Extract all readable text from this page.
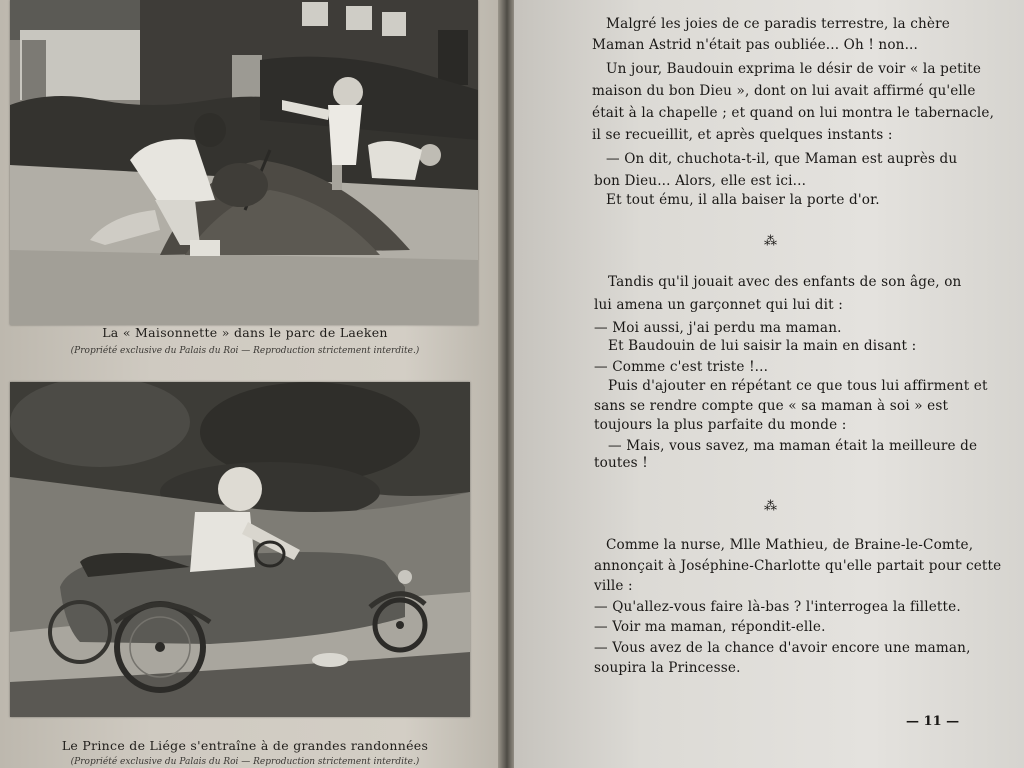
La « Maisonnette » dans le parc de Laeken
(Propriété exclusive du Palais du Roi — Reproduction strictement interdite.)
Le Prince de Liége s'entraîne à de grandes randonnées
(Propriété exclusive du Palais du Roi — Reproduction strictement interdite.)
Malgré les joies de ce paradis terrestre, la chère
Maman Astrid n'était pas oubliée... Oh ! non...
Un jour, Baudouin exprima le désir de voir « la petite
maison du bon Dieu », dont on lui avait affirmé qu'elle
était à la chapelle ; et quand on lui montra le tabernacle,
il se recueillit, et après quelques instants :
— On dit, chuchota-t-il, que Maman est auprès du
bon Dieu... Alors, elle est ici...
Et tout ému, il alla baiser la porte d'or.
⁂
Tandis qu'il jouait avec des enfants de son âge, on
lui amena un garçonnet qui lui dit :
— Moi aussi, j'ai perdu ma maman.
Et Baudouin de lui saisir la main en disant :
— Comme c'est triste !...
Puis d'ajouter en répétant ce que tous lui affirment et
sans se rendre compte que « sa maman à soi » est
toujours la plus parfaite du monde :
— Mais, vous savez, ma maman était la meilleure de
toutes !
⁂
Comme la nurse, Mlle Mathieu, de Braine-le-Comte,
annonçait à Joséphine-Charlotte qu'elle partait pour cette
ville :
— Qu'allez-vous faire là-bas ? l'interrogea la fillette.
— Voir ma maman, répondit-elle.
— Vous avez de la chance d'avoir encore une maman,
soupira la Princesse.
— 11 —
